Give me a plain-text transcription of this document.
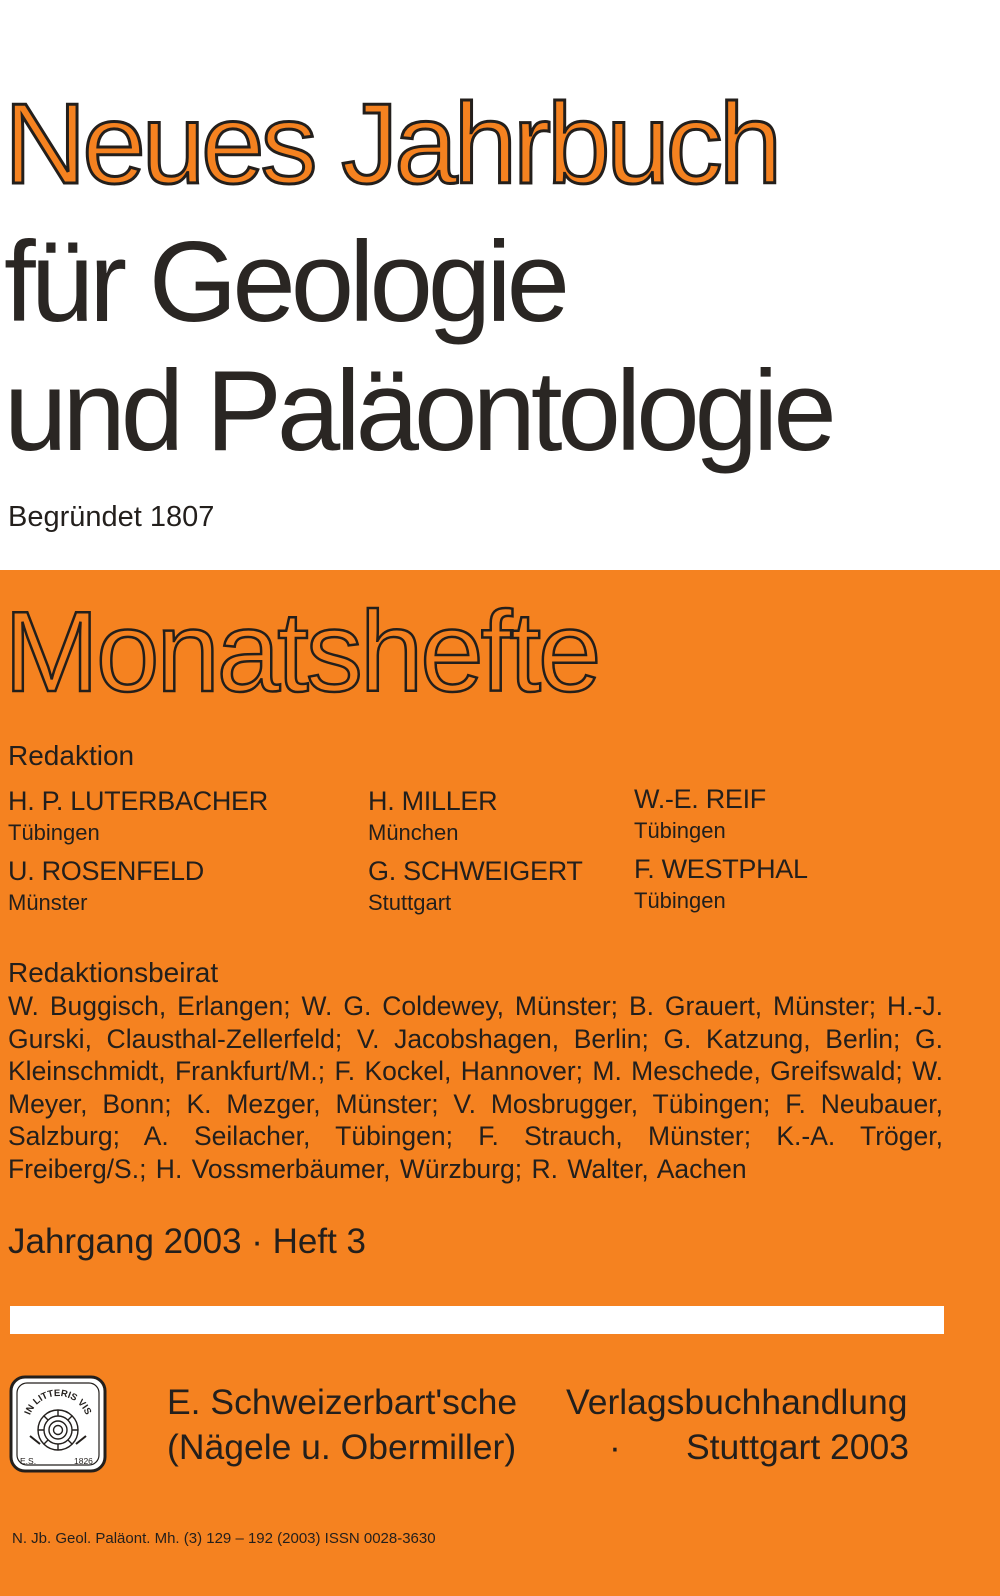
Neues Jahrbuch
für Geologie
und Paläontologie
Begründet 1807
Monatshefte
Redaktion
H. P. LUTERBACHER
Tübingen
H. MILLER
München
W.-E. REIF
Tübingen
U. ROSENFELD
Münster
G. SCHWEIGERT
Stuttgart
F. WESTPHAL
Tübingen
Redaktionsbeirat
W. Buggisch, Erlangen; W. G. Coldewey, Münster; B. Grauert, Münster; H.-J. Gurski, Clausthal-Zellerfeld; V. Jacobshagen, Berlin; G. Katzung, Berlin; G. Kleinschmidt, Frankfurt/M.; F. Kockel, Hannover; M. Meschede, Greifswald; W. Meyer, Bonn; K. Mezger, Münster; V. Mosbrugger, Tübingen; F. Neubauer, Salzburg; A. Seilacher, Tübingen; F. Strauch, Münster; K.-A. Tröger, Freiberg/S.; H. Vossmerbäumer, Würzburg; R. Walter, Aachen
Jahrgang 2003 · Heft 3
IN LITTERIS VIS
E.S.	1826
E. Schweizerbart'sche Verlagsbuchhandlung
(Nägele u. Obermiller)	· Stuttgart 2003
N. Jb. Geol. Paläont. Mh. (3) 129 – 192 (2003) ISSN 0028-3630
